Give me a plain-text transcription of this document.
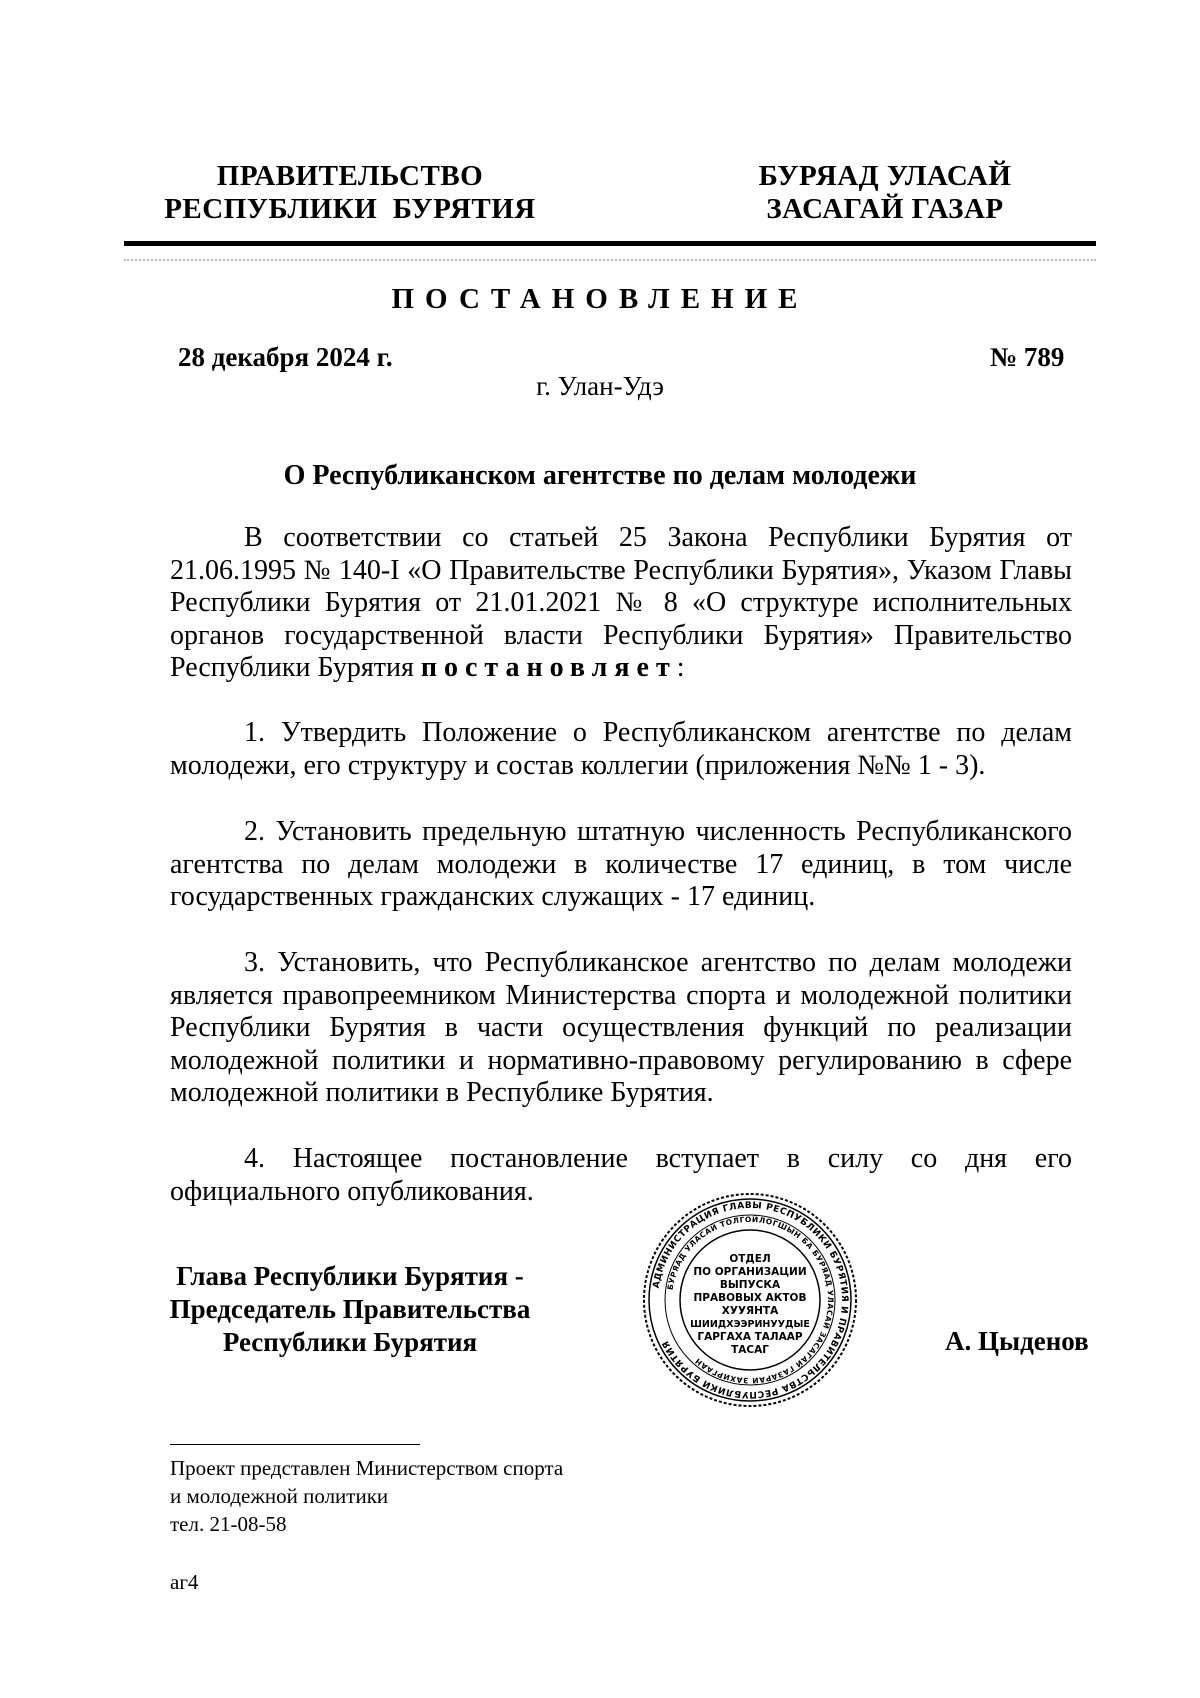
ПРАВИТЕЛЬСТВО
РЕСПУБЛИКИ  БУРЯТИЯ
БУРЯАД УЛАСАЙ
ЗАСАГАЙ ГАЗАР
ПОСТАНОВЛЕНИЕ
28 декабря 2024 г.	№ 789
г. Улан-Удэ
О Республиканском агентстве по делам молодежи

В соответствии со статьей 25 Закона Республики Бурятия от 21.06.1995 № 140-I «О Правительстве Республики Бурятия», Указом Главы Республики Бурятия от 21.01.2021 № 8 «О структуре исполнительных органов государственной власти Республики Бурятия» Правительство Республики Бурятия постановляет:

1. Утвердить Положение о Республиканском агентстве по делам молодежи, его структуру и состав коллегии (приложения №№ 1 - 3).

2. Установить предельную штатную численность Республиканского агентства по делам молодежи в количестве 17 единиц, в том числе государственных гражданских служащих - 17 единиц.

3. Установить, что Республиканское агентство по делам молодежи является правопреемником Министерства спорта и молодежной политики Республики Бурятия в части осуществления функций по реализации молодежной политики и нормативно-правовому регулированию в сфере молодежной политики в Республике Бурятия.

4. Настоящее постановление вступает в силу со дня его официального опубликования.

Глава Республики Бурятия -
Председатель Правительства
Республики Бурятия	А. Цыденов
АДМИНИСТРАЦИЯ ГЛАВЫ РЕСПУБЛИКИ БУРЯТИЯ И ПРАВИТЕЛЬСТВА РЕСПУБЛИКИ БУРЯТИЯ
БУРЯАД УЛАСАЙ ТОЛГОЙЛОГШЫН БА БУРЯАД УЛАСАЙ ЗАСАГАЙ ГАЗАРАЙ ЗАХИРГААН
ОТДЕЛ
ПО ОРГАНИЗАЦИИ
ВЫПУСКА
ПРАВОВЫХ АКТОВ
ХУУЯНТА
ШИИДХЭЭРИНУУДЫЕ
ГАРГАХА ТАЛААР
ТАСАГ
Проект представлен Министерством спорта
и молодежной политики
тел. 21-08-58
аг4
